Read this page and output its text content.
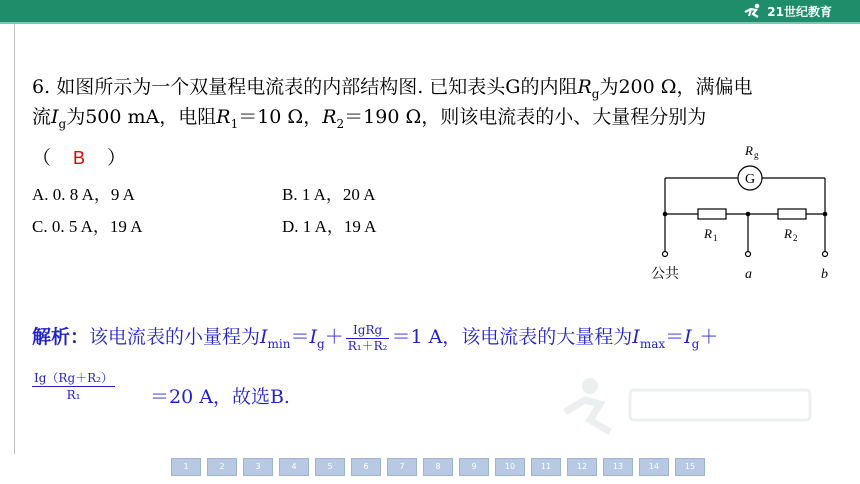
21世纪教育
6. 如图所示为一个双量程电流表的内部结构图. 已知表头G的内阻$R_g$为200 Ω，满偏电
流$I_g$为500 mA，电阻$R_1=10$ Ω，$R_2=190$ Ω，则该电流表的小、大量程分别为
（ B ）
A. 0. 8 A，9 A	B. 1 A，20 A
C. 0. 5 A，19 A	D. 1 A，19 A
G
R g
R 1	R 2
公共	a	b
解析：该电流表的小量程为$I_{min}=I_g+ \frac{\text{IgRg}}{\text{R₁＋R₂}} =1$ A，该电流表的大量程为$I_{max}=I_g+$
$\frac{\text{Ig（Rg＋R₂）}}{\text{R₁}} =20$ A，故选B.
1	2	3	4	5	6	7	8	9	10	11	12	13	14	15
